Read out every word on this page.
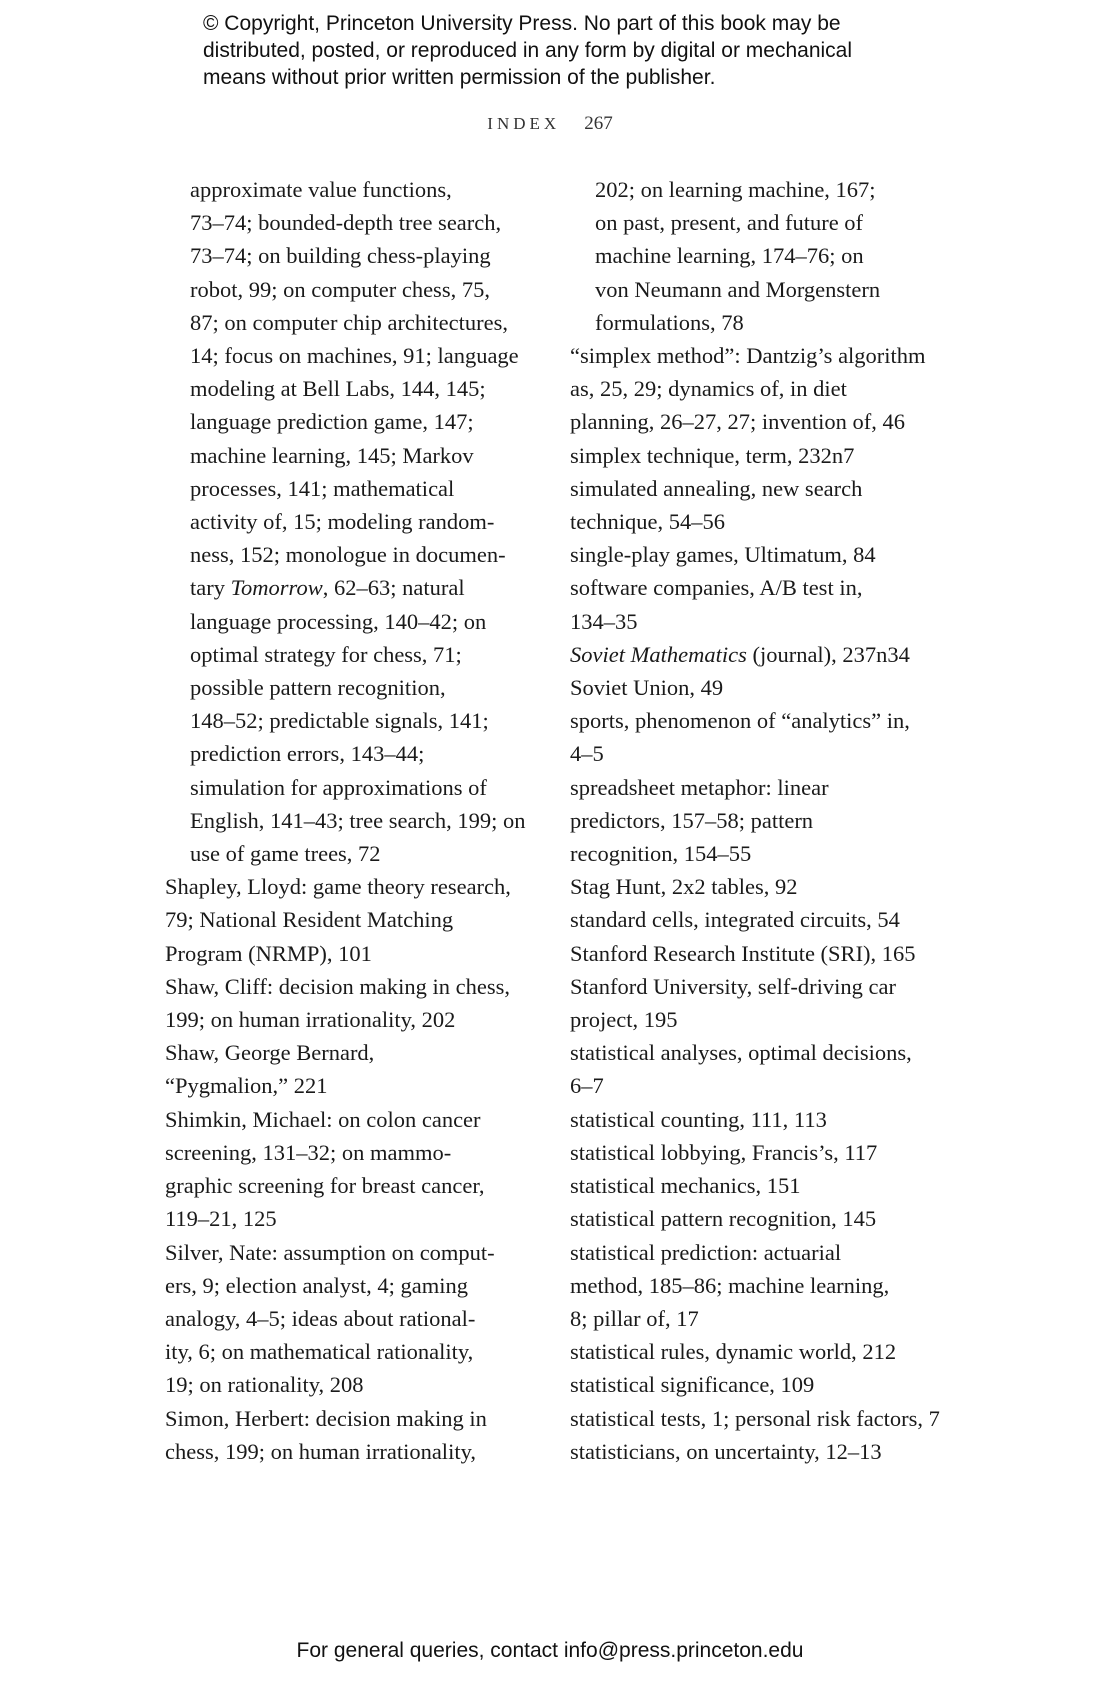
© Copyright, Princeton University Press. No part of this book may be
distributed, posted, or reproduced in any form by digital or mechanical
means without prior written permission of the publisher.
INDEX 267
approximate value functions,
73–74; bounded-depth tree search,
73–74; on building chess-playing
robot, 99; on computer chess, 75,
87; on computer chip architectures,
14; focus on machines, 91; language
modeling at Bell Labs, 144, 145;
language prediction game, 147;
machine learning, 145; Markov
processes, 141; mathematical
activity of, 15; modeling random-
ness, 152; monologue in documen-
tary Tomorrow, 62–63; natural
language processing, 140–42; on
optimal strategy for chess, 71;
possible pattern recognition,
148–52; predictable signals, 141;
prediction errors, 143–44;
simulation for approximations of
English, 141–43; tree search, 199; on
use of game trees, 72
Shapley, Lloyd: game theory research,
79; National Resident Matching
Program (NRMP), 101
Shaw, Cliff: decision making in chess,
199; on human irrationality, 202
Shaw, George Bernard,
“Pygmalion,” 221
Shimkin, Michael: on colon cancer
screening, 131–32; on mammo-
graphic screening for breast cancer,
119–21, 125
Silver, Nate: assumption on comput-
ers, 9; election analyst, 4; gaming
analogy, 4–5; ideas about rational-
ity, 6; on mathematical rationality,
19; on rationality, 208
Simon, Herbert: decision making in
chess, 199; on human irrationality,
202; on learning machine, 167;
on past, present, and future of
machine learning, 174–76; on
von Neumann and Morgenstern
formulations, 78
“simplex method”: Dantzig’s algorithm
as, 25, 29; dynamics of, in diet
planning, 26–27, 27; invention of, 46
simplex technique, term, 232n7
simulated annealing, new search
technique, 54–56
single-play games, Ultimatum, 84
software companies, A/B test in,
134–35
Soviet Mathematics (journal), 237n34
Soviet Union, 49
sports, phenomenon of “analytics” in,
4–5
spreadsheet metaphor: linear
predictors, 157–58; pattern
recognition, 154–55
Stag Hunt, 2x2 tables, 92
standard cells, integrated circuits, 54
Stanford Research Institute (SRI), 165
Stanford University, self-driving car
project, 195
statistical analyses, optimal decisions,
6–7
statistical counting, 111, 113
statistical lobbying, Francis’s, 117
statistical mechanics, 151
statistical pattern recognition, 145
statistical prediction: actuarial
method, 185–86; machine learning,
8; pillar of, 17
statistical rules, dynamic world, 212
statistical significance, 109
statistical tests, 1; personal risk factors, 7
statisticians, on uncertainty, 12–13
For general queries, contact info@press.princeton.edu
